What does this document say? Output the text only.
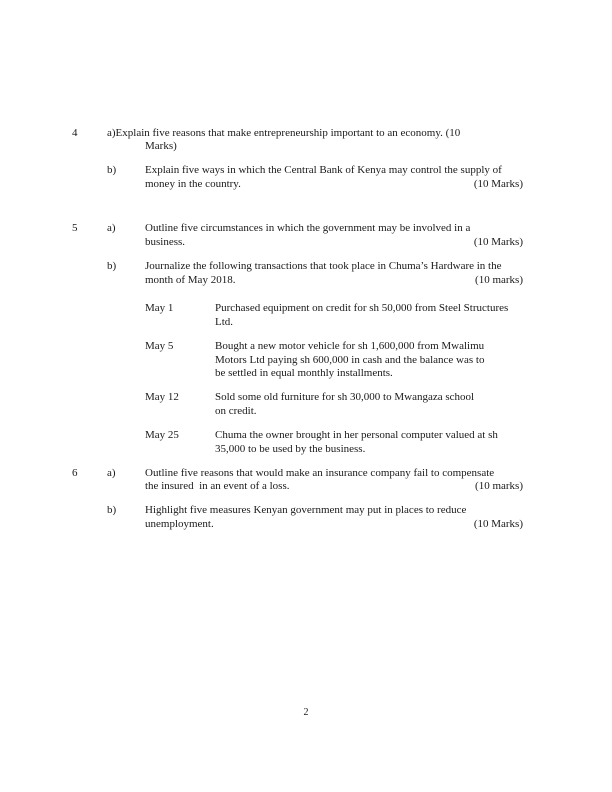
4	a)Explain five reasons that make entrepreneurship important to an economy. (10
Marks)
b)	Explain five ways in which the Central Bank of Kenya may control the supply of
money in the country.	(10 Marks)
5	a)	Outline five circumstances in which the government may be involved in a
business.	(10 Marks)
b)	Journalize the following transactions that took place in Chuma’s Hardware in the
month of May 2018.	(10 marks)
May 1	Purchased equipment on credit for sh 50,000 from Steel Structures
Ltd.
May 5	Bought a new motor vehicle for sh 1,600,000 from Mwalimu
Motors Ltd paying sh 600,000 in cash and the balance was to
be settled in equal monthly installments.
May 12	Sold some old furniture for sh 30,000 to Mwangaza school
on credit.
May 25	Chuma the owner brought in her personal computer valued at sh
35,000 to be used by the business.
6	a)	Outline five reasons that would make an insurance company fail to compensate
the insured  in an event of a loss.	(10 marks)
b)	Highlight five measures Kenyan government may put in places to reduce
unemployment.	(10 Marks)
2
